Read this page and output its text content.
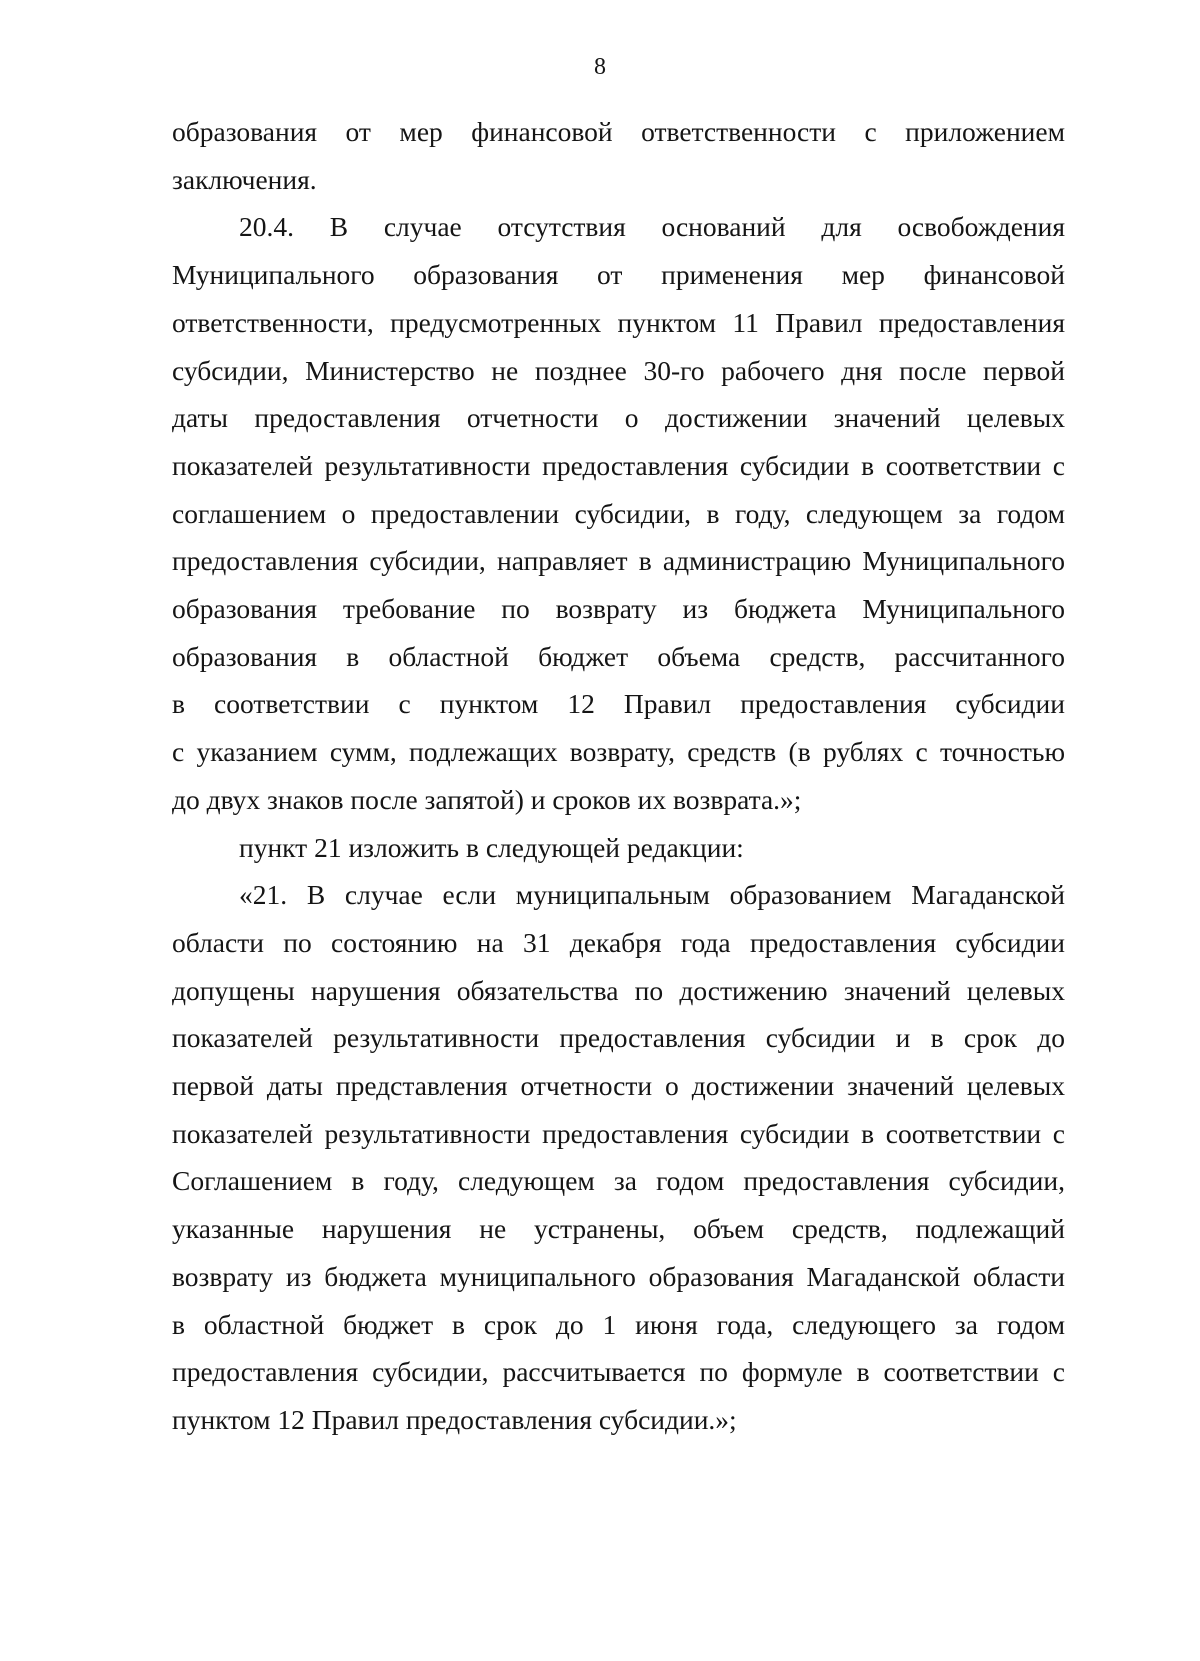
8
образования от мер финансовой ответственности с приложением
заключения.
20.4. В случае отсутствия оснований для освобождения
Муниципального образования от применения мер финансовой
ответственности, предусмотренных пунктом 11 Правил предоставления
субсидии, Министерство не позднее 30-го рабочего дня после первой
даты предоставления отчетности о достижении значений целевых
показателей результативности предоставления субсидии в соответствии с
соглашением о предоставлении субсидии, в году, следующем за годом
предоставления субсидии, направляет в администрацию Муниципального
образования требование по возврату из бюджета Муниципального
образования в областной бюджет объема средств, рассчитанного
в соответствии с пунктом 12 Правил предоставления субсидии
с указанием сумм, подлежащих возврату, средств (в рублях с точностью
до двух знаков после запятой) и сроков их возврата.»;
пункт 21 изложить в следующей редакции:
«21. В случае если муниципальным образованием Магаданской
области по состоянию на 31 декабря года предоставления субсидии
допущены нарушения обязательства по достижению значений целевых
показателей результативности предоставления субсидии и в срок до
первой даты представления отчетности о достижении значений целевых
показателей результативности предоставления субсидии в соответствии с
Соглашением в году, следующем за годом предоставления субсидии,
указанные нарушения не устранены, объем средств, подлежащий
возврату из бюджета муниципального образования Магаданской области
в областной бюджет в срок до 1 июня года, следующего за годом
предоставления субсидии, рассчитывается по формуле в соответствии с
пунктом 12 Правил предоставления субсидии.»;
